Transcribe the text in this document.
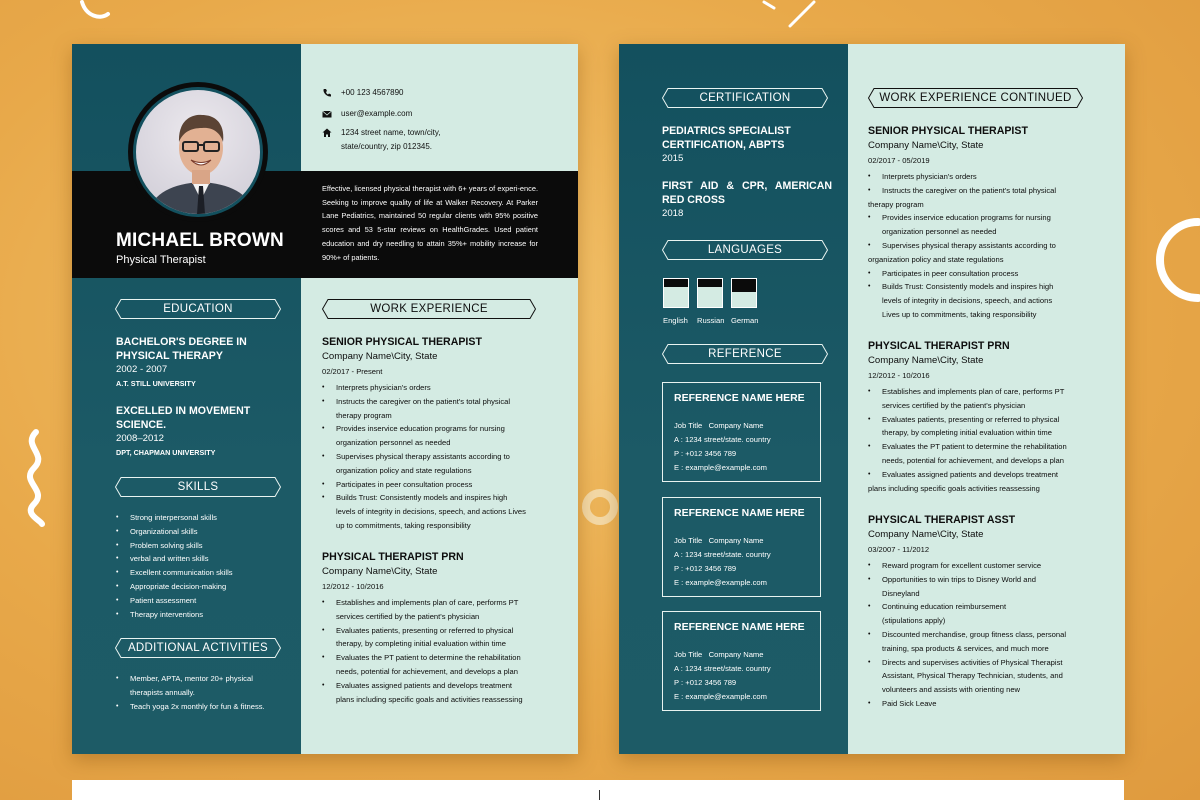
MICHAEL BROWN
Physical Therapist
Effective, licensed physical therapist with 6+ years of experi-ence. Seeking to improve quality of life at Walker Recovery. At Parker Lane Pediatrics, maintained 50 regular clients with 95% positive scores and 53 5-star reviews on HealthGrades. Used patient education and dry needling to attain 35%+ mobility increase for 90%+ of patients.
+00 123 4567890
user@example.com
1234 street name, town/city,
state/country, zip 012345.
EDUCATION
BACHELOR'S DEGREE IN
PHYSICAL THERAPY
2002 - 2007
A.T. STILL UNIVERSITY
EXCELLED IN MOVEMENT
SCIENCE.
2008–2012
DPT, CHAPMAN UNIVERSITY
SKILLS
• Strong interpersonal skills
• Organizational skills
• Problem solving skills
• verbal and written skills
• Excellent communication skills
• Appropriate decision-making
• Patient assessment
• Therapy interventions
ADDITIONAL ACTIVITIES
• Member, APTA, mentor 20+ physical
therapists annually.
• Teach yoga 2x monthly for fun & fitness.
WORK EXPERIENCE
SENIOR PHYSICAL THERAPIST
Company Name\City, State
02/2017 - Present
• Interprets physician's orders
• Instructs the caregiver on the patient's total physical
therapy program
• Provides inservice education programs for nursing
organization personnel as needed
• Supervises physical therapy assistants according to
organization policy and state regulations
• Participates in peer consultation process
• Builds Trust: Consistently models and inspires high
levels of integrity in decisions, speech, and actions Lives
up to commitments, taking responsibility
PHYSICAL THERAPIST PRN
Company Name\City, State
12/2012 - 10/2016
• Establishes and implements plan of care, performs PT
services certified by the patient's physician
• Evaluates patients, presenting or referred to physical
therapy, by completing initial evaluation within time
• Evaluates the PT patient to determine the rehabilitation
needs, potential for achievement, and develops a plan
• Evaluates assigned patients and develops treatment
plans including specific goals and activities reassessing
CERTIFICATION
PEDIATRICS SPECIALIST
CERTIFICATION, ABPTS
2015
FIRST AID & CPR, AMERICAN
RED CROSS
2018
LANGUAGES
English Russian German
REFERENCE
REFERENCE NAME HERE
Job Title   Company Name
A : 1234 street/state. country
P : +012 3456 789
E : example@example.com
REFERENCE NAME HERE
Job Title   Company Name
A : 1234 street/state. country
P : +012 3456 789
E : example@example.com
REFERENCE NAME HERE
Job Title   Company Name
A : 1234 street/state. country
P : +012 3456 789
E : example@example.com
WORK EXPERIENCE CONTINUED
SENIOR PHYSICAL THERAPIST
Company Name\City, State
02/2017 - 05/2019
• Interprets physician's orders
• Instructs the caregiver on the patient's total physical
therapy program
• Provides inservice education programs for nursing
organization personnel as needed
• Supervises physical therapy assistants according to
organization policy and state regulations
• Participates in peer consultation process
• Builds Trust: Consistently models and inspires high
levels of integrity in decisions, speech, and actions
Lives up to commitments, taking responsibility
PHYSICAL THERAPIST PRN
Company Name\City, State
12/2012 - 10/2016
• Establishes and implements plan of care, performs PT
services certified by the patient's physician
• Evaluates patients, presenting or referred to physical
therapy, by completing initial evaluation within time
• Evaluates the PT patient to determine the rehabilitation
needs, potential for achievement, and develops a plan
• Evaluates assigned patients and develops treatment
plans including specific goals activities reassessing
PHYSICAL THERAPIST ASST
Company Name\City, State
03/2007 - 11/2012
• Reward program for excellent customer service
• Opportunities to win trips to Disney World and
Disneyland
• Continuing education reimbursement
(stipulations apply)
• Discounted merchandise, group fitness class, personal
training, spa products & services, and much more
• Directs and supervises activities of Physical Therapist
Assistant, Physical Therapy Technician, students, and
volunteers and assists with orienting new
• Paid Sick Leave
